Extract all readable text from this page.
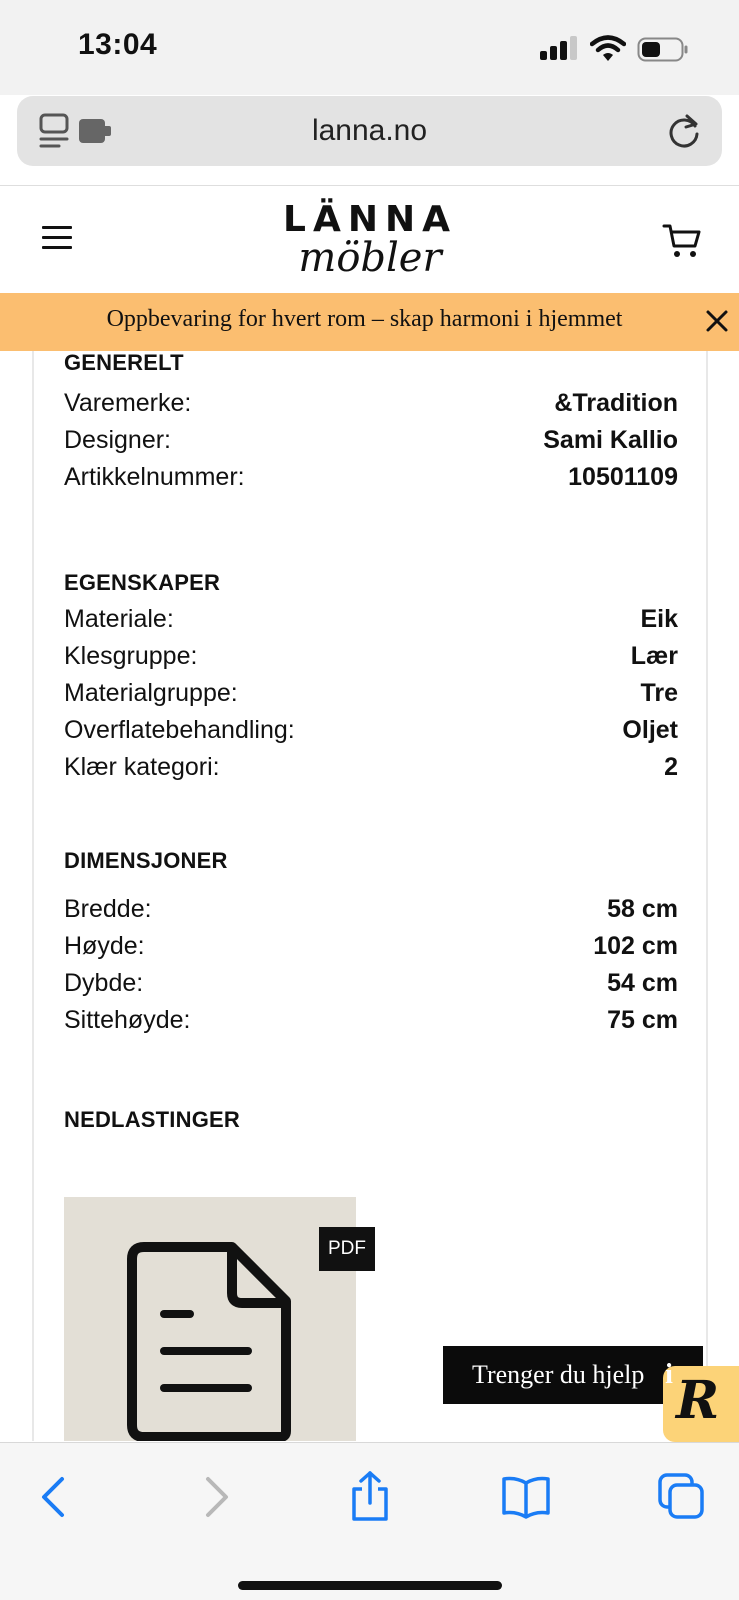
13:04
lanna.no
LÄNNA
möbler
Oppbevaring for hvert rom – skap harmoni i hjemmet
GENERELT
Varemerke:	&Tradition
Designer:	Sami Kallio
Artikkelnummer:	10501109
EGENSKAPER
Materiale:	Eik
Klesgruppe:	Lær
Materialgruppe:	Tre
Overflatebehandling:	Oljet
Klær kategori:	2
DIMENSJONER
Bredde:	58 cm
Høyde:	102 cm
Dybde:	54 cm
Sittehøyde:	75 cm
NEDLASTINGER
PDF
Trenger du hjelp R
i
